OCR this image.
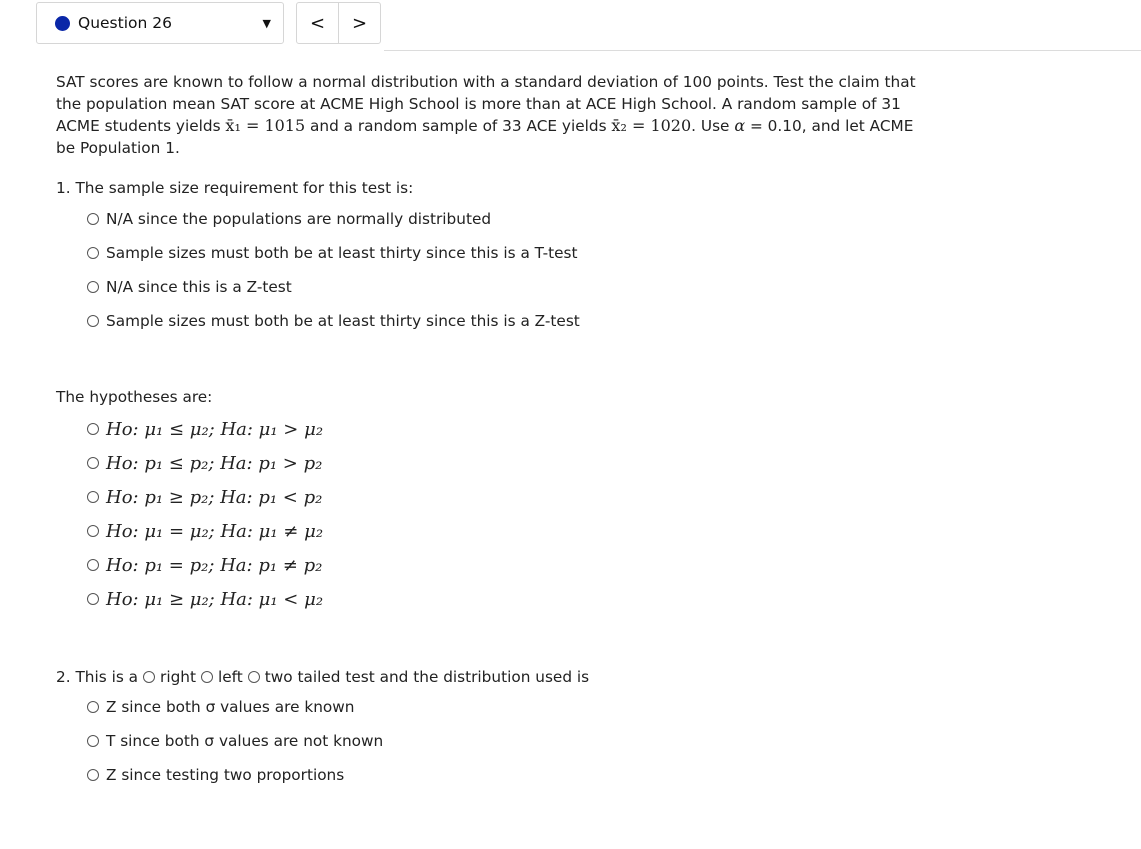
Question 26	▼	<	>

SAT scores are known to follow a normal distribution with a standard deviation of 100 points. Test the claim that the population mean SAT score at ACME High School is more than at ACE High School. A random sample of 31 ACME students yields x̄₁ = 1015 and a random sample of 33 ACE yields x̄₂ = 1020. Use α = 0.10, and let ACME be Population 1.

1. The sample size requirement for this test is:
N/A since the populations are normally distributed
Sample sizes must both be at least thirty since this is a T-test
N/A since this is a Z-test
Sample sizes must both be at least thirty since this is a Z-test
The hypotheses are:
Ho: μ₁ ≤ μ₂; Ha: μ₁ > μ₂
Ho: p₁ ≤ p₂; Ha: p₁ > p₂
Ho: p₁ ≥ p₂; Ha: p₁ < p₂
Ho: μ₁ = μ₂; Ha: μ₁ ≠ μ₂
Ho: p₁ = p₂; Ha: p₁ ≠ p₂
Ho: μ₁ ≥ μ₂; Ha: μ₁ < μ₂
2. This is a right left two tailed test and the distribution used is
Z since both σ values are known
T since both σ values are not known
Z since testing two proportions
